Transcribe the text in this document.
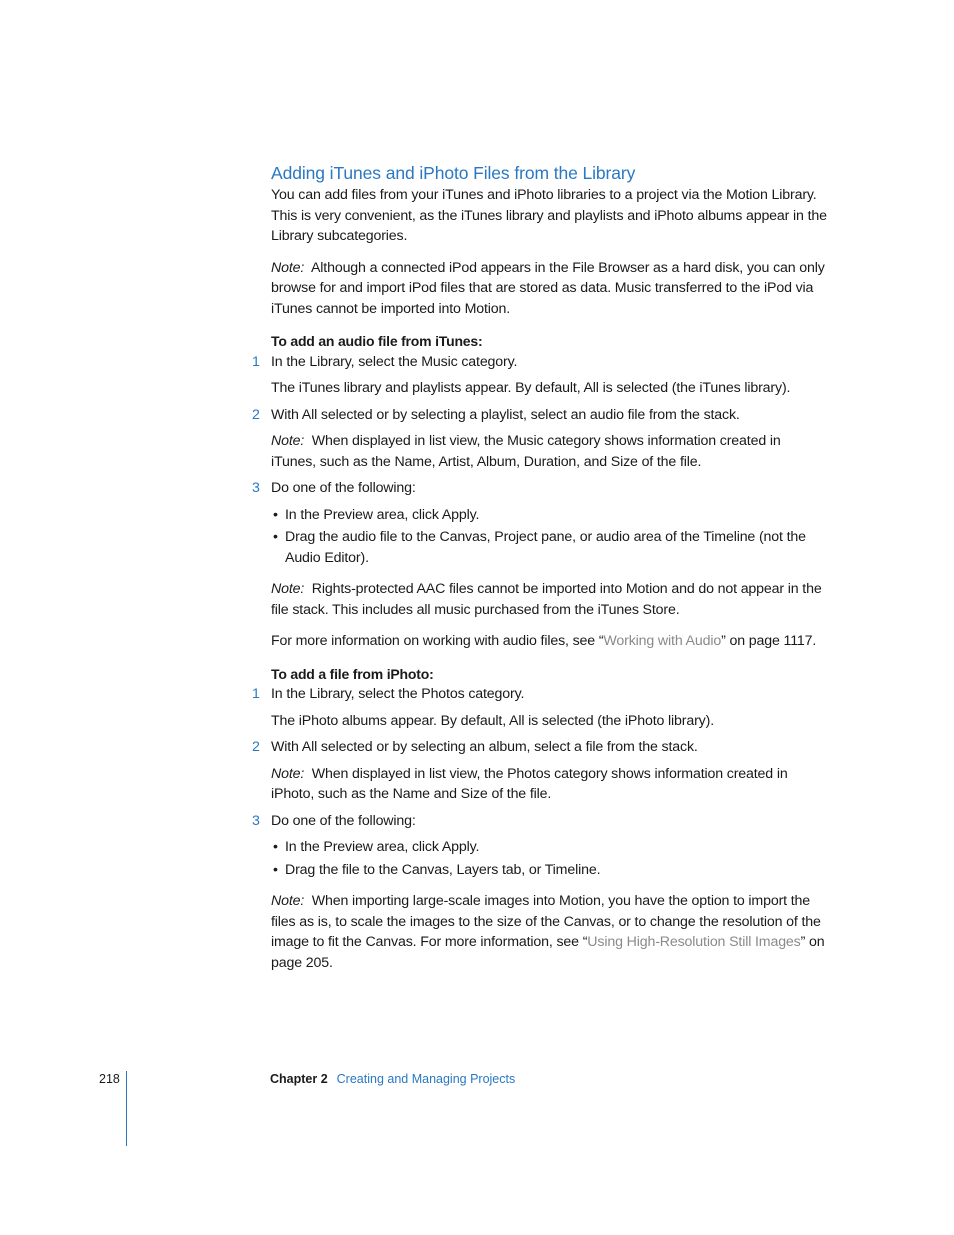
Adding iTunes and iPhoto Files from the Library

You can add files from your iTunes and iPhoto libraries to a project via the Motion Library. This is very convenient, as the iTunes library and playlists and iPhoto albums appear in the Library subcategories.

Note: Although a connected iPod appears in the File Browser as a hard disk, you can only browse for and import iPod files that are stored as data. Music transferred to the iPod via iTunes cannot be imported into Motion.

To add an audio file from iTunes:

1 In the Library, select the Music category.

The iTunes library and playlists appear. By default, All is selected (the iTunes library).

2 With All selected or by selecting a playlist, select an audio file from the stack.

Note: When displayed in list view, the Music category shows information created in iTunes, such as the Name, Artist, Album, Duration, and Size of the file.

3 Do one of the following:

• In the Preview area, click Apply.

• Drag the audio file to the Canvas, Project pane, or audio area of the Timeline (not the Audio Editor).

Note: Rights-protected AAC files cannot be imported into Motion and do not appear in the file stack. This includes all music purchased from the iTunes Store.

For more information on working with audio files, see “Working with Audio” on page 1117.

To add a file from iPhoto:

1 In the Library, select the Photos category.

The iPhoto albums appear. By default, All is selected (the iPhoto library).

2 With All selected or by selecting an album, select a file from the stack.

Note: When displayed in list view, the Photos category shows information created in iPhoto, such as the Name and Size of the file.

3 Do one of the following:

• In the Preview area, click Apply.

• Drag the file to the Canvas, Layers tab, or Timeline.

Note: When importing large-scale images into Motion, you have the option to import the files as is, to scale the images to the size of the Canvas, or to change the resolution of the image to fit the Canvas. For more information, see “Using High-Resolution Still Images” on page 205.

218	Chapter 2 Creating and Managing Projects
